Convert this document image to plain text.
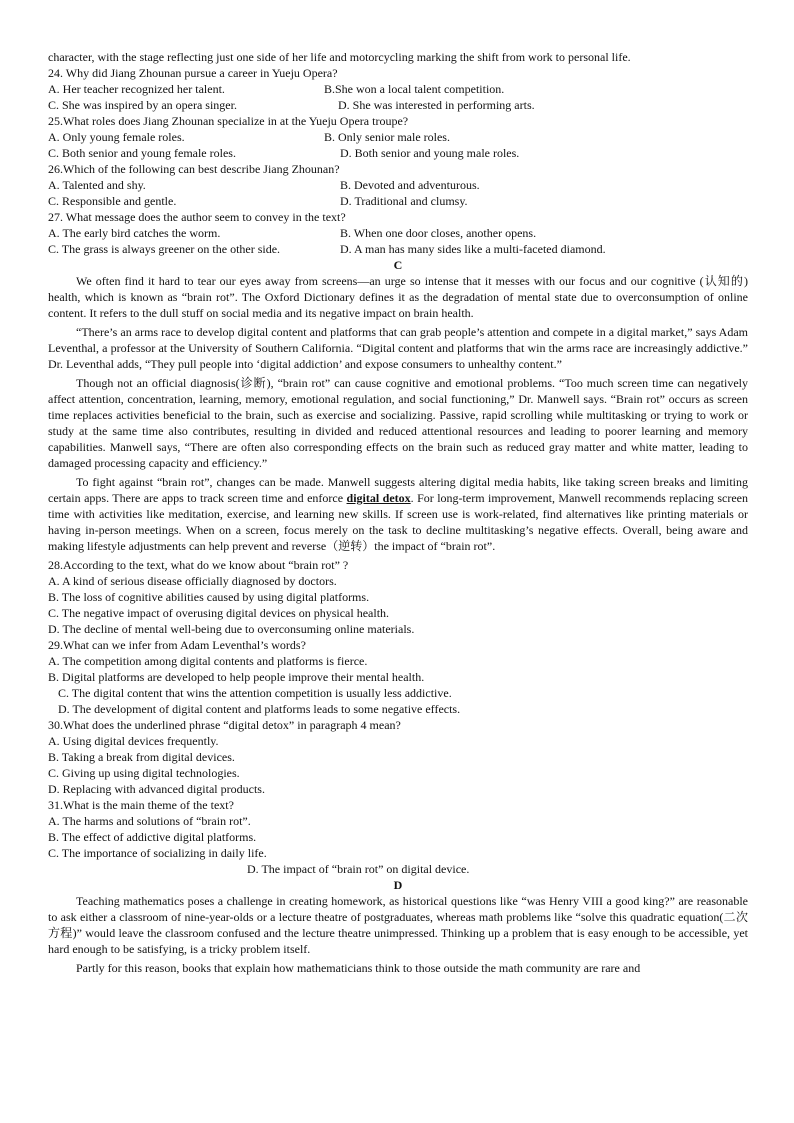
character, with the stage reflecting just one side of her life and motorcycling marking the shift from work to personal life.
24. Why did Jiang Zhounan pursue a career in Yueju Opera?
A. Her teacher recognized her talent.	B.She won a local talent competition.
C. She was inspired by an opera singer.	D. She was interested in performing arts.
25.What roles does Jiang Zhounan specialize in at the Yueju Opera troupe?
A. Only young female roles.	B. Only senior male roles.
C. Both senior and young female roles.	D. Both senior and young male roles.
26.Which of the following can best describe Jiang Zhounan?
A. Talented and shy.	B. Devoted and adventurous.
C. Responsible and gentle.	D. Traditional and clumsy.
27. What message does the author seem to convey in the text?
A. The early bird catches the worm.	B. When one door closes, another opens.
C. The grass is always greener on the other side.	D. A man has many sides like a multi-faceted diamond.
C

We often find it hard to tear our eyes away from screens—an urge so intense that it messes with our focus and our cognitive (认知的) health, which is known as “brain rot”. The Oxford Dictionary defines it as the degradation of mental state due to overconsumption of online content. It refers to the dull stuff on social media and its negative impact on brain health.

“There’s an arms race to develop digital content and platforms that can grab people’s attention and compete in a digital market,” says Adam Leventhal, a professor at the University of Southern California. “Digital content and platforms that win the arms race are increasingly addictive.” Dr. Leventhal adds, “They pull people into ‘digital addiction’ and expose consumers to unhealthy content.”

Though not an official diagnosis(诊断), “brain rot” can cause cognitive and emotional problems. “Too much screen time can negatively affect attention, concentration, learning, memory, emotional regulation, and social functioning,” Dr. Manwell says. “Brain rot” occurs as screen time replaces activities beneficial to the brain, such as exercise and socializing. Passive, rapid scrolling while multitasking or trying to work or study at the same time also contributes, resulting in divided and reduced attentional resources and leading to poorer learning and memory capabilities. Manwell says, “There are often also corresponding effects on the brain such as reduced gray matter and white matter, leading to damaged processing capacity and efficiency.”

To fight against “brain rot”, changes can be made. Manwell suggests altering digital media habits, like taking screen breaks and limiting certain apps. There are apps to track screen time and enforce digital detox. For long-term improvement, Manwell recommends replacing screen time with activities like meditation, exercise, and learning new skills. If screen use is work-related, find alternatives like printing materials or having in-person meetings. When on a screen, focus merely on the task to decline multitasking’s negative effects. Overall, being aware and making lifestyle adjustments can help prevent and reverse（逆转）the impact of “brain rot”.

28.According to the text, what do we know about “brain rot” ?
A. A kind of serious disease officially diagnosed by doctors.
B. The loss of cognitive abilities caused by using digital platforms.
C. The negative impact of overusing digital devices on physical health.
D. The decline of mental well-being due to overconsuming online materials.
29.What can we infer from Adam Leventhal’s words?
A. The competition among digital contents and platforms is fierce.
B. Digital platforms are developed to help people improve their mental health.
C. The digital content that wins the attention competition is usually less addictive.
D. The development of digital content and platforms leads to some negative effects.
30.What does the underlined phrase “digital detox” in paragraph 4 mean?
A. Using digital devices frequently.
B. Taking a break from digital devices.
C. Giving up using digital technologies.
D. Replacing with advanced digital products.
31.What is the main theme of the text?
A. The harms and solutions of “brain rot”.
B. The effect of addictive digital platforms.
C. The importance of socializing in daily life.
D. The impact of “brain rot” on digital device.
D

Teaching mathematics poses a challenge in creating homework, as historical questions like “was Henry VIII a good king?” are reasonable to ask either a classroom of nine-year-olds or a lecture theatre of postgraduates, whereas math problems like “solve this quadratic equation(二次方程)” would leave the classroom confused and the lecture theatre unimpressed. Thinking up a problem that is easy enough to be accessible, yet hard enough to be satisfying, is a tricky problem itself.

Partly for this reason, books that explain how mathematicians think to those outside the math community are rare and
